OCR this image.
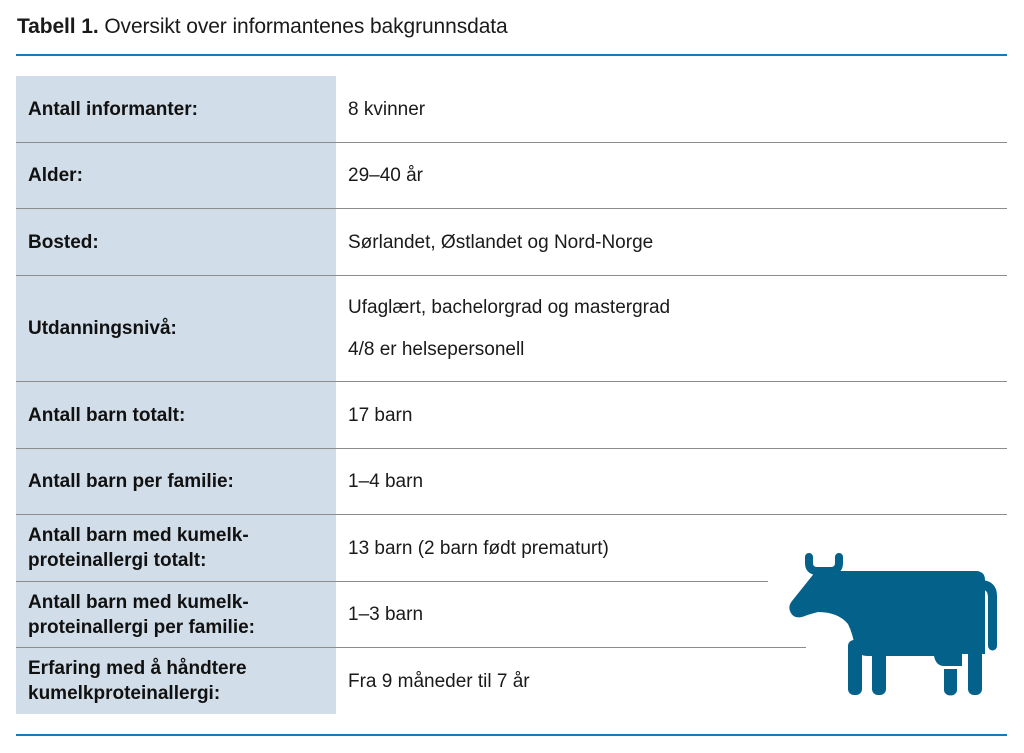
Tabell 1. Oversikt over informantenes bakgrunnsdata
Antall informanter:	8 kvinner
Alder:	29–40 år
Bosted:	Sørlandet, Østlandet og Nord-Norge
Utdanningsnivå:
Ufaglært, bachelorgrad og mastergrad
4/8 er helsepersonell
Antall barn totalt:	17 barn
Antall barn per familie:	1–4 barn
Antall barn med kumelk-proteinallergi totalt:
13 barn (2 barn født prematurt)
Antall barn med kumelk-proteinallergi per familie:
1–3 barn
Erfaring med å håndtere kumelkproteinallergi:
Fra 9 måneder til 7 år
